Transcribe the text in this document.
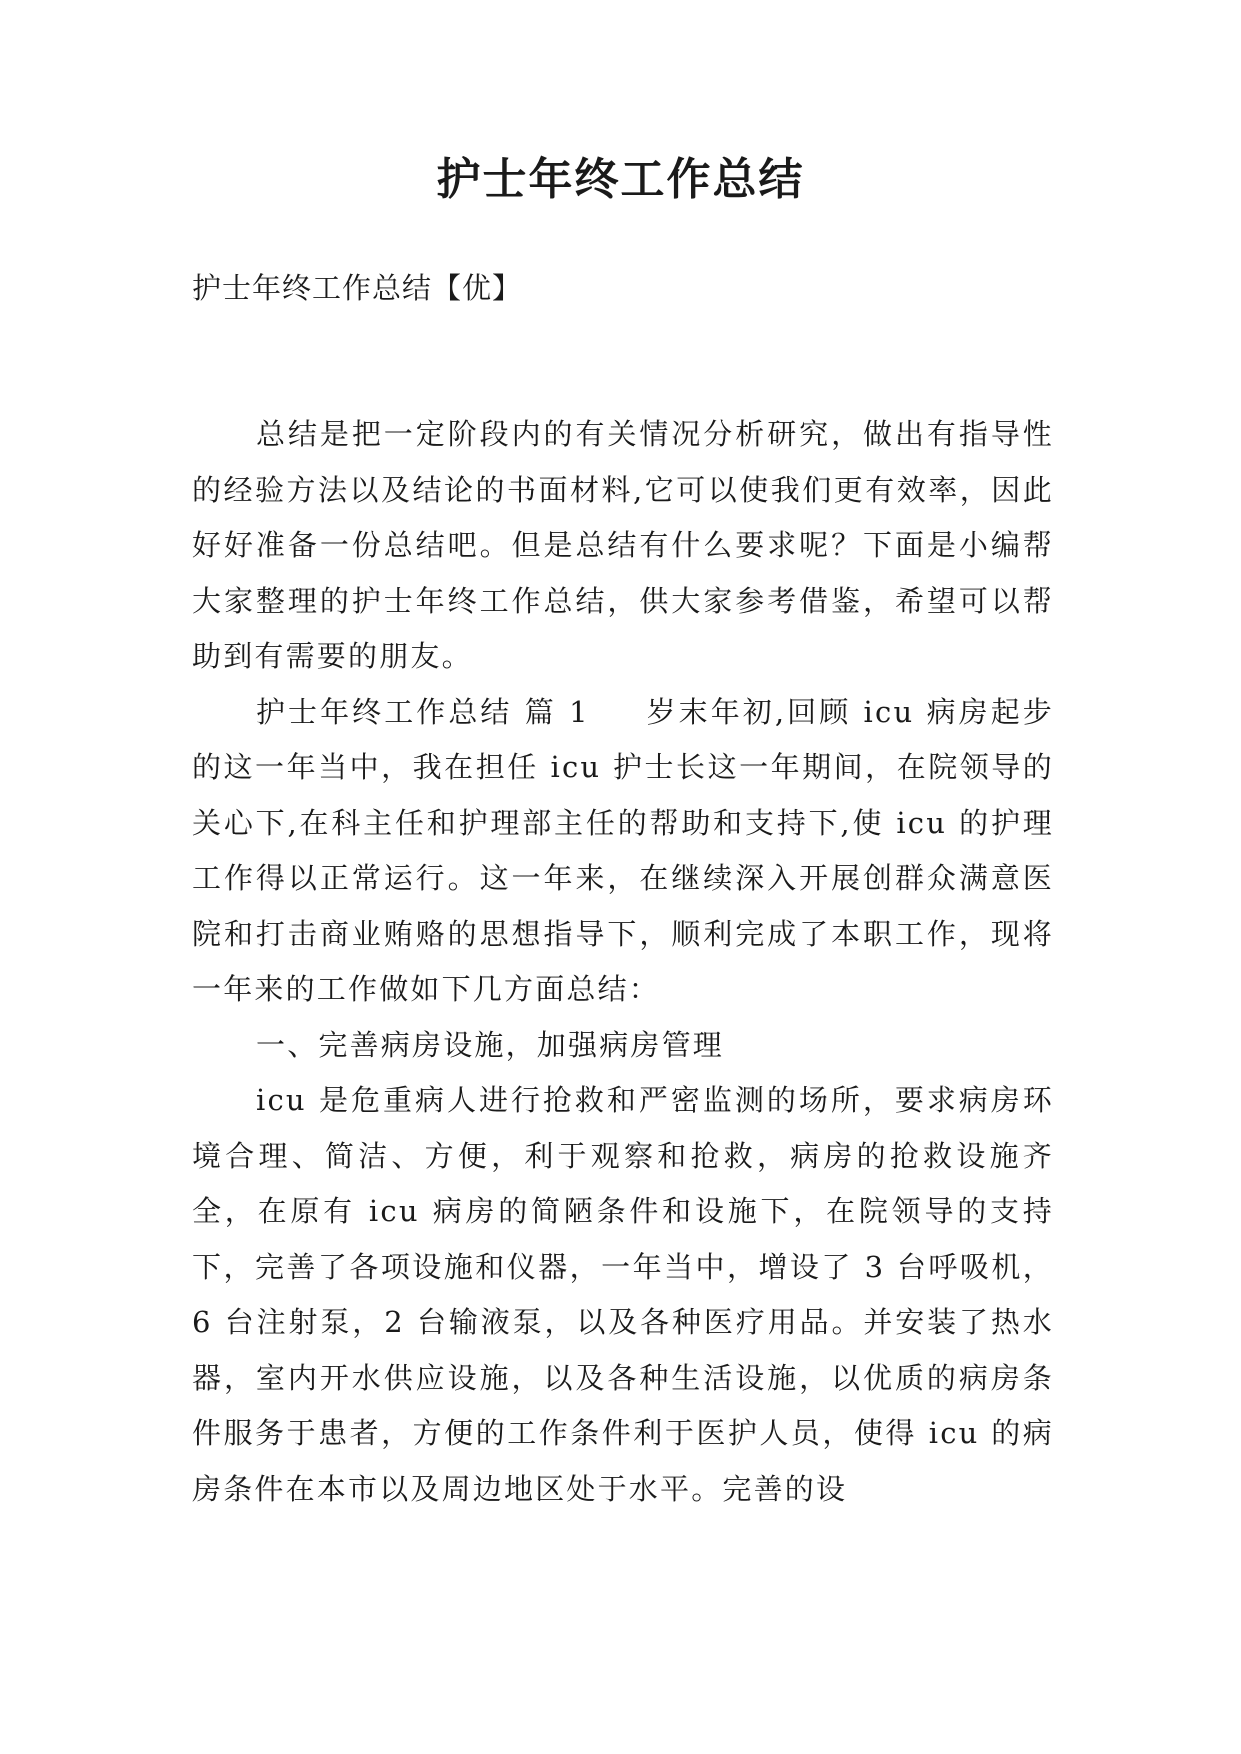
护士年终工作总结

护士年终工作总结【优】

总结是把一定阶段内的有关情况分析研究，做出有指导性的经验方法以及结论的书面材料,它可以使我们更有效率，因此好好准备一份总结吧。但是总结有什么要求呢？下面是小编帮大家整理的护士年终工作总结，供大家参考借鉴，希望可以帮助到有需要的朋友。

护士年终工作总结 篇 1 岁末年初,回顾 icu 病房起步的这一年当中，我在担任 icu 护士长这一年期间，在院领导的关心下,在科主任和护理部主任的帮助和支持下,使 icu 的护理工作得以正常运行。这一年来，在继续深入开展创群众满意医院和打击商业贿赂的思想指导下，顺利完成了本职工作，现将一年来的工作做如下几方面总结：

一、完善病房设施，加强病房管理

icu 是危重病人进行抢救和严密监测的场所，要求病房环境合理、简洁、方便，利于观察和抢救，病房的抢救设施齐全，在原有 icu 病房的简陋条件和设施下，在院领导的支持下，完善了各项设施和仪器，一年当中，增设了 3 台呼吸机，6 台注射泵，2 台输液泵，以及各种医疗用品。并安装了热水器，室内开水供应设施，以及各种生活设施，以优质的病房条件服务于患者，方便的工作条件利于医护人员，使得 icu 的病房条件在本市以及周边地区处于水平。完善的设
